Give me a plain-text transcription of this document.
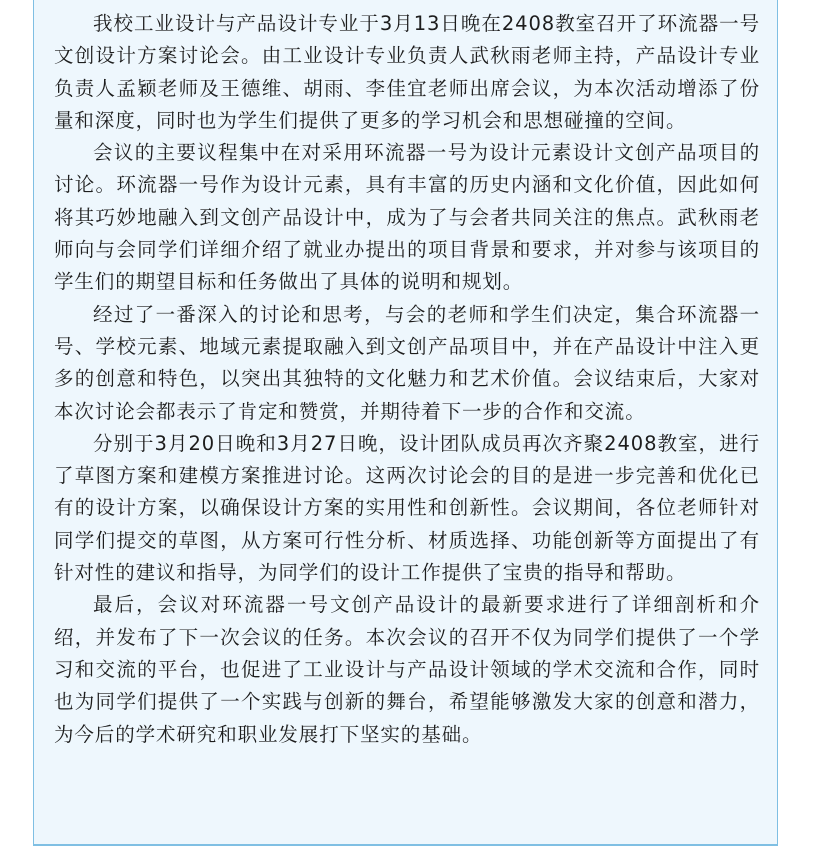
我校工业设计与产品设计专业于3月13日晚在2408教室召开了环流器一号文创设计方案讨论会。由工业设计专业负责人武秋雨老师主持，产品设计专业负责人孟颖老师及王德维、胡雨、李佳宜老师出席会议，为本次活动增添了份量和深度，同时也为学生们提供了更多的学习机会和思想碰撞的空间。

会议的主要议程集中在对采用环流器一号为设计元素设计文创产品项目的讨论。环流器一号作为设计元素，具有丰富的历史内涵和文化价值，因此如何将其巧妙地融入到文创产品设计中，成为了与会者共同关注的焦点。武秋雨老师向与会同学们详细介绍了就业办提出的项目背景和要求，并对参与该项目的学生们的期望目标和任务做出了具体的说明和规划。

经过了一番深入的讨论和思考，与会的老师和学生们决定，集合环流器一号、学校元素、地域元素提取融入到文创产品项目中，并在产品设计中注入更多的创意和特色，以突出其独特的文化魅力和艺术价值。会议结束后，大家对本次讨论会都表示了肯定和赞赏，并期待着下一步的合作和交流。

分别于3月20日晚和3月27日晚，设计团队成员再次齐聚2408教室，进行了草图方案和建模方案推进讨论。这两次讨论会的目的是进一步完善和优化已有的设计方案，以确保设计方案的实用性和创新性。会议期间，各位老师针对同学们提交的草图，从方案可行性分析、材质选择、功能创新等方面提出了有针对性的建议和指导，为同学们的设计工作提供了宝贵的指导和帮助。

最后，会议对环流器一号文创产品设计的最新要求进行了详细剖析和介绍，并发布了下一次会议的任务。本次会议的召开不仅为同学们提供了一个学习和交流的平台，也促进了工业设计与产品设计领域的学术交流和合作，同时也为同学们提供了一个实践与创新的舞台，希望能够激发大家的创意和潜力，为今后的学术研究和职业发展打下坚实的基础。
